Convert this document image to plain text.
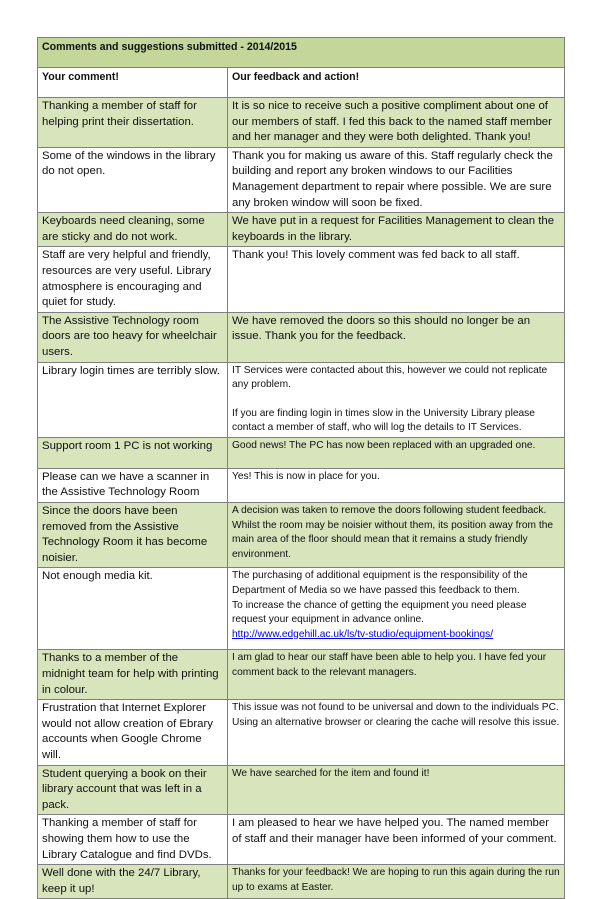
Comments and suggestions submitted - 2014/2015	
Your comment!	Our feedback and action!
Thanking a member of staff for helping print their dissertation.	It is so nice to receive such a positive compliment about one of our members of staff. I fed this back to the named staff member and her manager and they were both delighted. Thank you!
Some of the windows in the library do not open.	Thank you for making us aware of this. Staff regularly check the building and report any broken windows to our Facilities Management department to repair where possible. We are sure any broken window will soon be fixed.
Keyboards need cleaning, some are sticky and do not work.	We have put in a request for Facilities Management to clean the keyboards in the library.
Staff are very helpful and friendly, resources are very useful. Library atmosphere is encouraging and quiet for study.	Thank you! This lovely comment was fed back to all staff.
The Assistive Technology room doors are too heavy for wheelchair users.	We have removed the doors so this should no longer be an issue. Thank you for the feedback.
Library login times are terribly slow.	IT Services were contacted about this, however we could not replicate any problem.
If you are finding login in times slow in the University Library please contact a member of staff, who will log the details to IT Services.
Support room 1 PC is not working	Good news! The PC has now been replaced with an upgraded one.
Please can we have a scanner in the Assistive Technology Room	Yes! This is now in place for you.
Since the doors have been removed from the Assistive Technology Room it has become noisier.	A decision was taken to remove the doors following student feedback. Whilst the room may be noisier without them, its position away from the main area of the floor should mean that it remains a study friendly environment.
Not enough media kit.	The purchasing of additional equipment is the responsibility of the Department of Media so we have passed this feedback to them.
To increase the chance of getting the equipment you need please request your equipment in advance online.
http://www.edgehill.ac.uk/ls/tv-studio/equipment-bookings/
Thanks to a member of the midnight team for help with printing in colour.	I am glad to hear our staff have been able to help you. I have fed your comment back to the relevant managers.
Frustration that Internet Explorer would not allow creation of Ebrary accounts when Google Chrome will.	This issue was not found to be universal and down to the individuals PC. Using an alternative browser or clearing the cache will resolve this issue.
Student querying a book on their library account that was left in a pack.	We have searched for the item and found it!
Thanking a member of staff for showing them how to use the Library Catalogue and find DVDs.	I am pleased to hear we have helped you. The named member of staff and their manager have been informed of your comment.
Well done with the 24/7 Library, keep it up!	Thanks for your feedback! We are hoping to run this again during the run up to exams at Easter.
